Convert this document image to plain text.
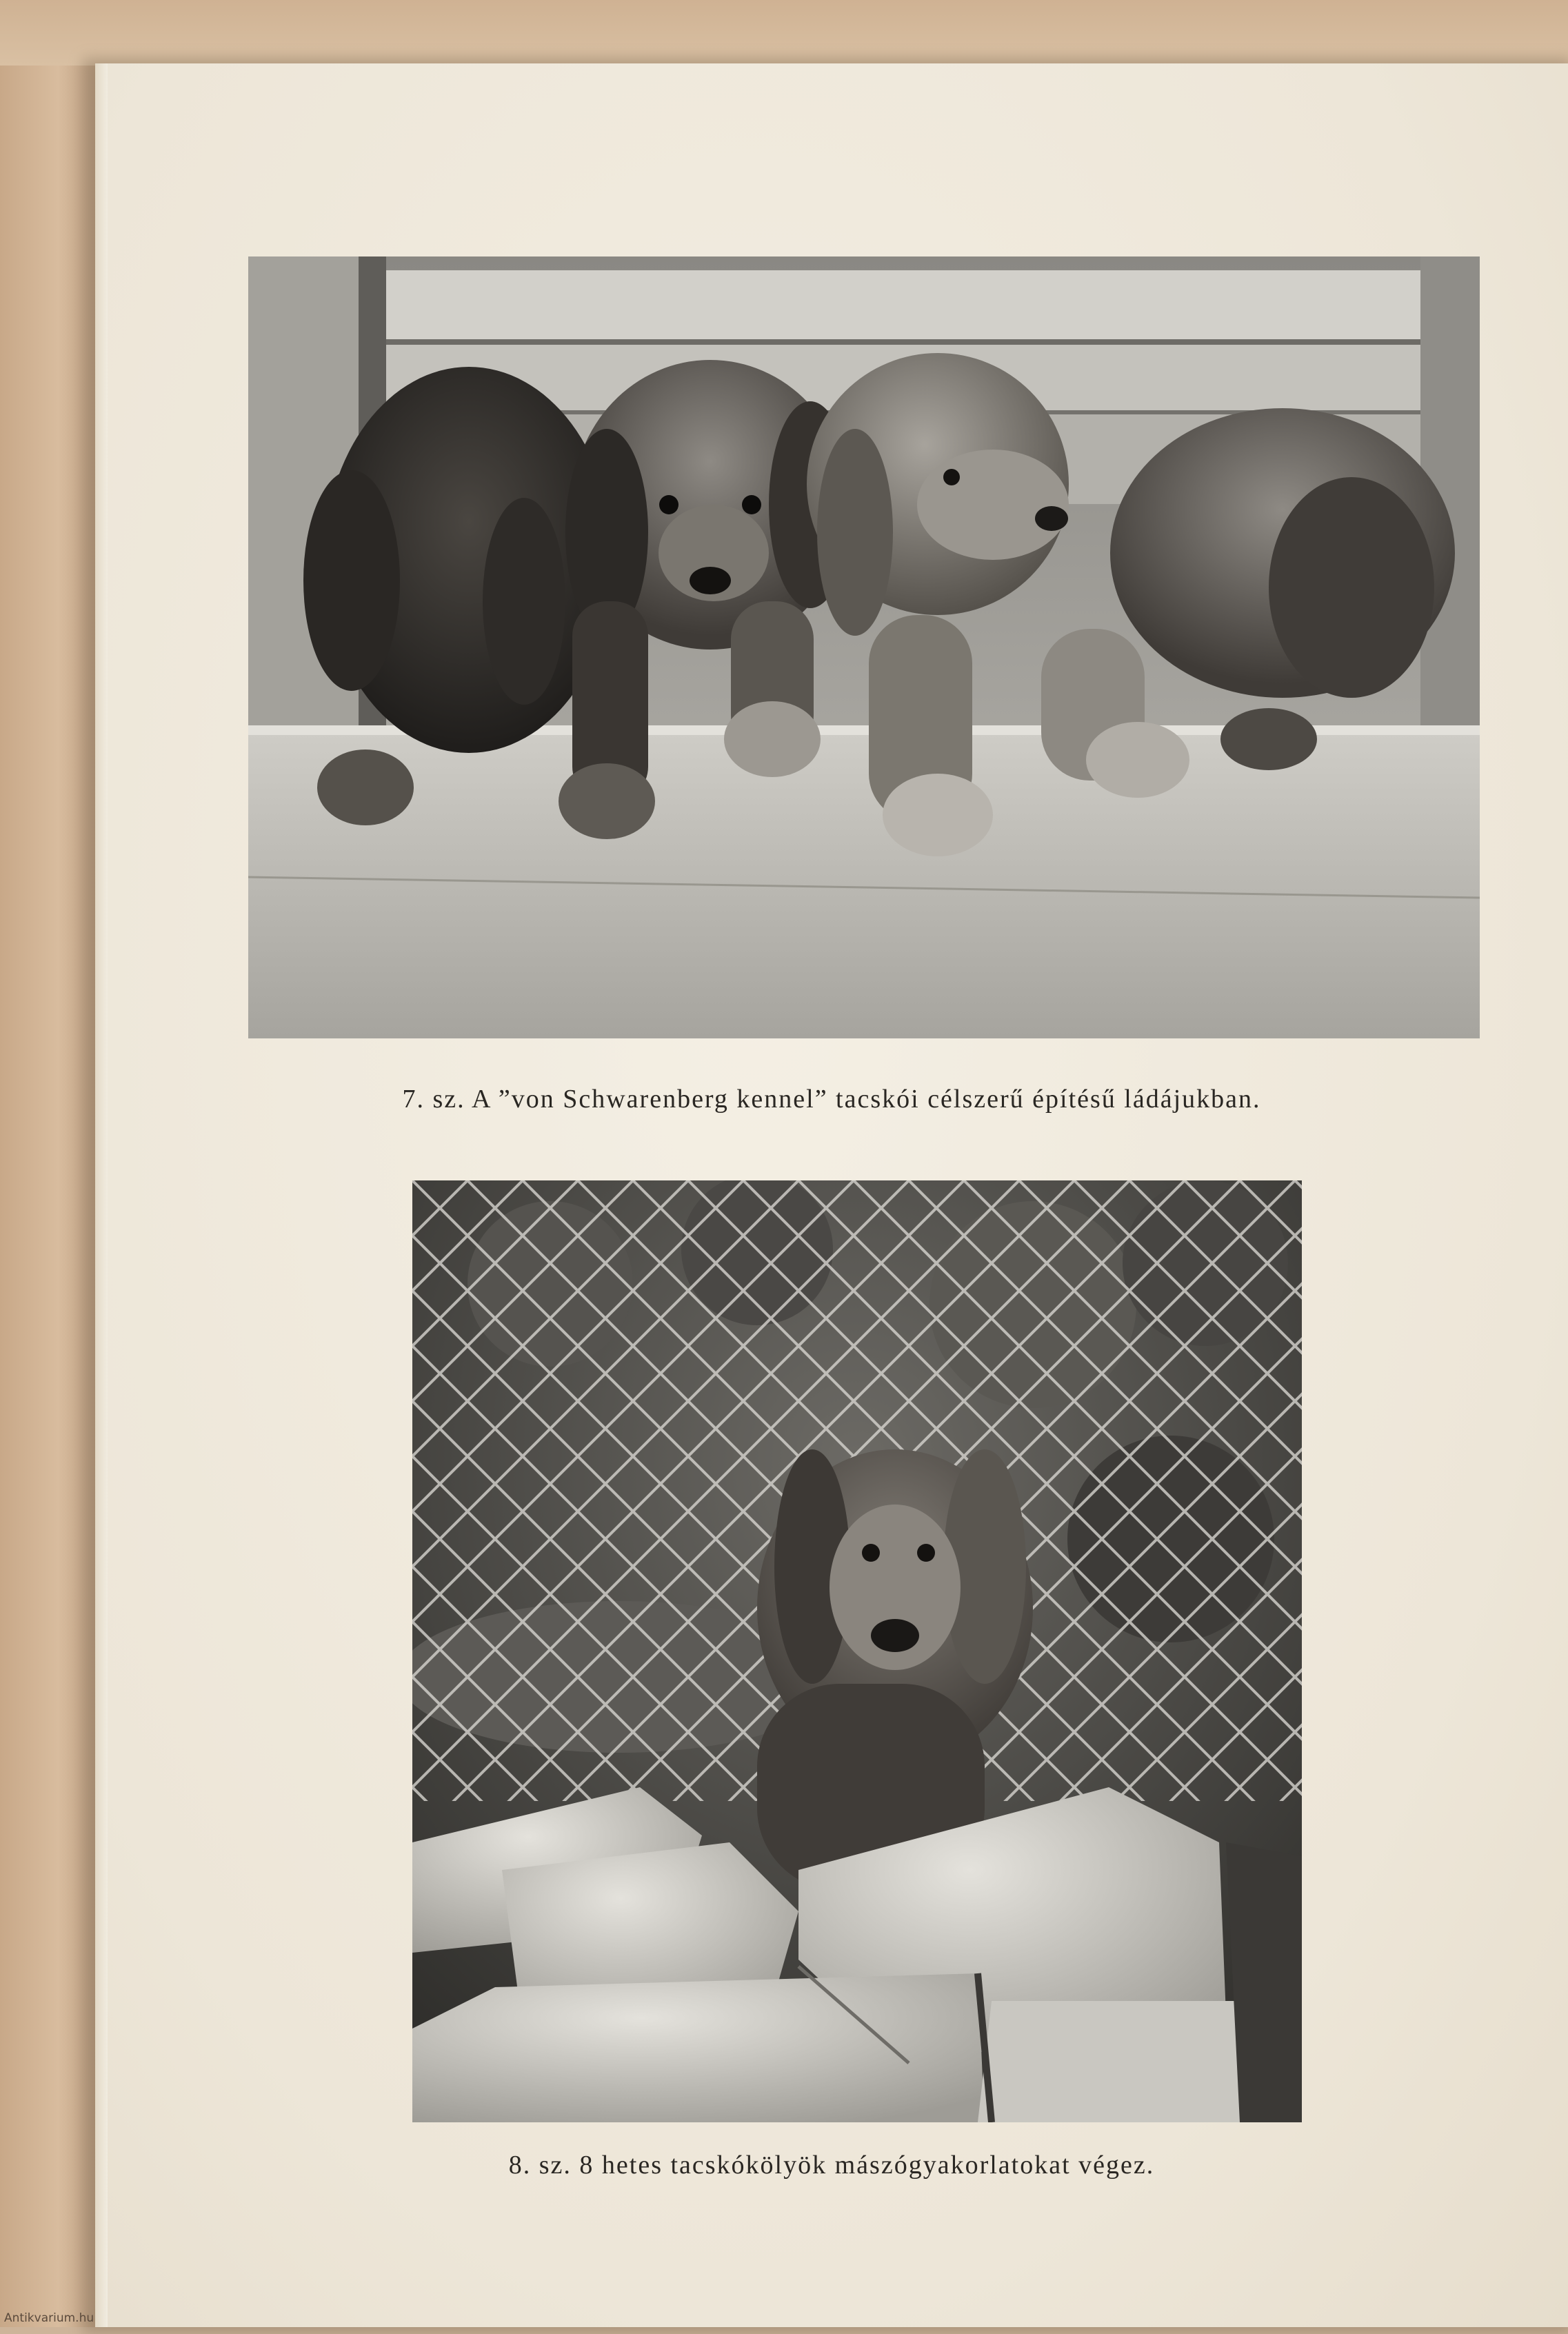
7. sz. A ”von Schwarenberg kennel” tacskói célszerű építésű ládájukban.
8. sz. 8 hetes tacskókölyök mászógyakorlatokat végez.
Antikvarium.hu
